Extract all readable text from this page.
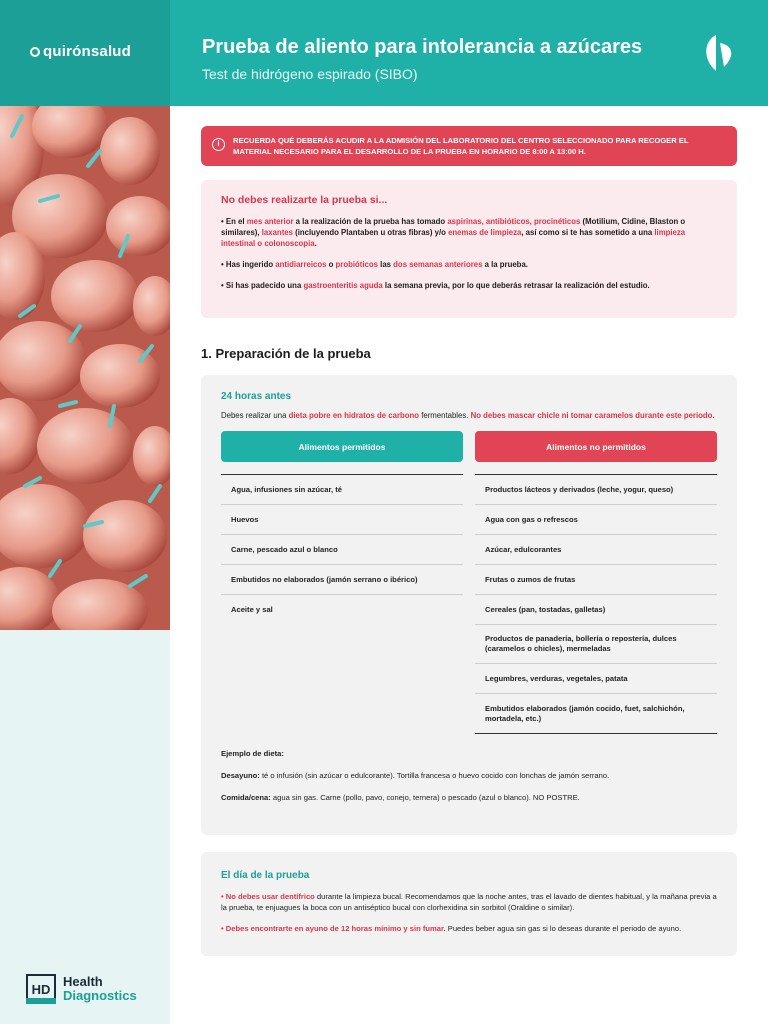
quirónsalud
HD Health
Diagnostics
Prueba de aliento para intolerancia a azúcares
Test de hidrógeno espirado (SIBO)
i	RECUERDA QUÉ DEBERÁS ACUDIR A LA ADMISIÓN DEL LABORATORIO DEL CENTRO SELECCIONADO PARA RECOGER EL MATERIAL NECESARIO PARA EL DESARROLLO DE LA PRUEBA EN HORARIO DE 8:00 A 13:00 H.
No debes realizarte la prueba si...

• En el mes anterior a la realización de la prueba has tomado aspirinas, antibióticos, procinéticos (Motilium, Cidine, Blaston o similares), laxantes (incluyendo Plantaben u otras fibras) y/o enemas de limpieza, así como si te has sometido a una limpieza intestinal o colonoscopia.

• Has ingerido antidiarreicos o probióticos las dos semanas anteriores a la prueba.

• Si has padecido una gastroenteritis aguda la semana previa, por lo que deberás retrasar la realización del estudio.

1. Preparación de la prueba
24 horas antes
Debes realizar una dieta pobre en hidratos de carbono fermentables. No debes mascar chicle ni tomar caramelos durante este periodo.
Alimentos permitidos
Agua, infusiones sin azúcar, té
Huevos
Carne, pescado azul o blanco
Embutidos no elaborados (jamón serrano o ibérico)
Aceite y sal
Alimentos no permitidos
Productos lácteos y derivados (leche, yogur, queso)
Agua con gas o refrescos
Azúcar, edulcorantes
Frutas o zumos de frutas
Cereales (pan, tostadas, galletas)
Productos de panadería, bollería o repostería, dulces (caramelos o chicles), mermeladas
Legumbres, verduras, vegetales, patata
Embutidos elaborados (jamón cocido, fuet, salchichón, mortadela, etc.)

Ejemplo de dieta:

Desayuno: té o infusión (sin azúcar o edulcorante). Tortilla francesa o huevo cocido con lonchas de jamón serrano.

Comida/cena: agua sin gas. Carne (pollo, pavo, conejo, ternera) o pescado (azul o blanco). NO POSTRE.

El día de la prueba

• No debes usar dentífrico durante la limpieza bucal. Recomendamos que la noche antes, tras el lavado de dientes habitual, y la mañana previa a la prueba, te enjuagues la boca con un antiséptico bucal con clorhexidina sin sorbitol (Oraldine o similar).

• Debes encontrarte en ayuno de 12 horas mínimo y sin fumar. Puedes beber agua sin gas si lo deseas durante el periodo de ayuno.
